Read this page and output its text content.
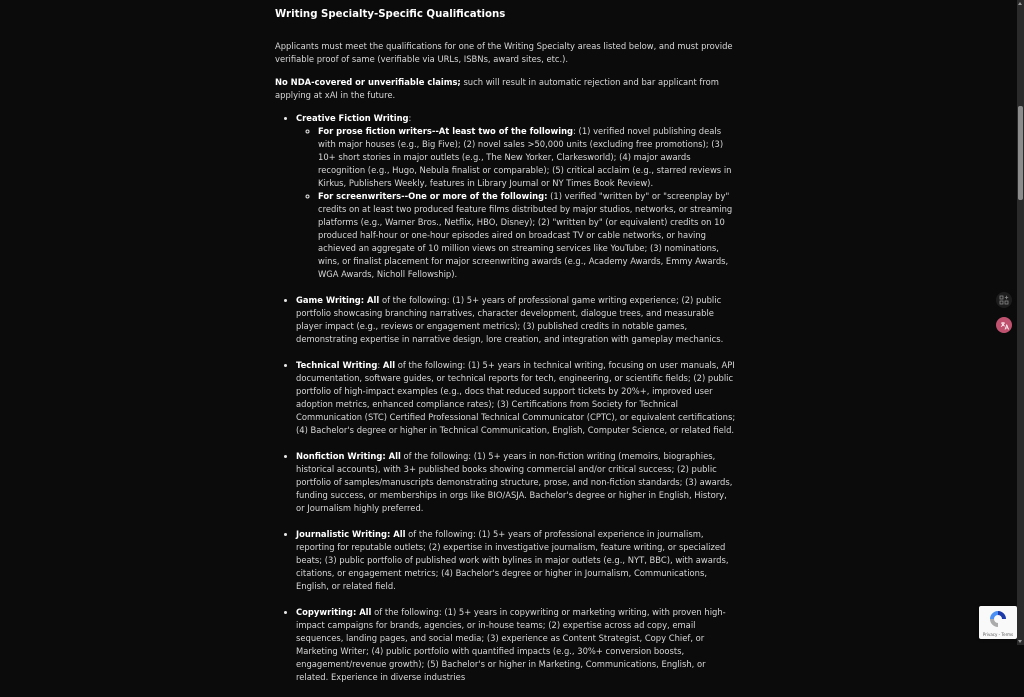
Writing Specialty-Specific Qualifications

Applicants must meet the qualifications for one of the Writing Specialty areas listed below, and must provide verifiable proof of same (verifiable via URLs, ISBNs, award sites, etc.).

No NDA-covered or unverifiable claims; such will result in automatic rejection and bar applicant from applying at xAI in the future.

• Creative Fiction Writing:
◦ For prose fiction writers--At least two of the following: (1) verified novel publishing deals with major houses (e.g., Big Five); (2) novel sales >50,000 units (excluding free promotions); (3) 10+ short stories in major outlets (e.g., The New Yorker, Clarkesworld); (4) major awards recognition (e.g., Hugo, Nebula finalist or comparable); (5) critical acclaim (e.g., starred reviews in Kirkus, Publishers Weekly, features in Library Journal or NY Times Book Review).
◦ For screenwriters--One or more of the following: (1) verified "written by" or "screenplay by" credits on at least two produced feature films distributed by major studios, networks, or streaming platforms (e.g., Warner Bros., Netflix, HBO, Disney); (2) "written by" (or equivalent) credits on 10 produced half-hour or one-hour episodes aired on broadcast TV or cable networks, or having achieved an aggregate of 10 million views on streaming services like YouTube; (3) nominations, wins, or finalist placement for major screenwriting awards (e.g., Academy Awards, Emmy Awards, WGA Awards, Nicholl Fellowship).
• Game Writing: All of the following: (1) 5+ years of professional game writing experience; (2) public portfolio showcasing branching narratives, character development, dialogue trees, and measurable player impact (e.g., reviews or engagement metrics); (3) published credits in notable games, demonstrating expertise in narrative design, lore creation, and integration with gameplay mechanics.
• Technical Writing: All of the following: (1) 5+ years in technical writing, focusing on user manuals, API documentation, software guides, or technical reports for tech, engineering, or scientific fields; (2) public portfolio of high-impact examples (e.g., docs that reduced support tickets by 20%+, improved user adoption metrics, enhanced compliance rates); (3) Certifications from Society for Technical Communication (STC) Certified Professional Technical Communicator (CPTC), or equivalent certifications; (4) Bachelor's degree or higher in Technical Communication, English, Computer Science, or related field.
• Nonfiction Writing: All of the following: (1) 5+ years in non-fiction writing (memoirs, biographies, historical accounts), with 3+ published books showing commercial and/or critical success; (2) public portfolio of samples/manuscripts demonstrating structure, prose, and non-fiction standards; (3) awards, funding success, or memberships in orgs like BIO/ASJA. Bachelor's degree or higher in English, History, or Journalism highly preferred.
• Journalistic Writing: All of the following: (1) 5+ years of professional experience in journalism, reporting for reputable outlets; (2) expertise in investigative journalism, feature writing, or specialized beats; (3) public portfolio of published work with bylines in major outlets (e.g., NYT, BBC), with awards, citations, or engagement metrics; (4) Bachelor's degree or higher in Journalism, Communications, English, or related field.
• Copywriting: All of the following: (1) 5+ years in copywriting or marketing writing, with proven high-impact campaigns for brands, agencies, or in-house teams; (2) expertise across ad copy, email sequences, landing pages, and social media; (3) experience as Content Strategist, Copy Chief, or Marketing Writer; (4) public portfolio with quantified impacts (e.g., 30%+ conversion boosts, engagement/revenue growth); (5) Bachelor's or higher in Marketing, Communications, English, or related. Experience in diverse industries
Privacy - Terms
